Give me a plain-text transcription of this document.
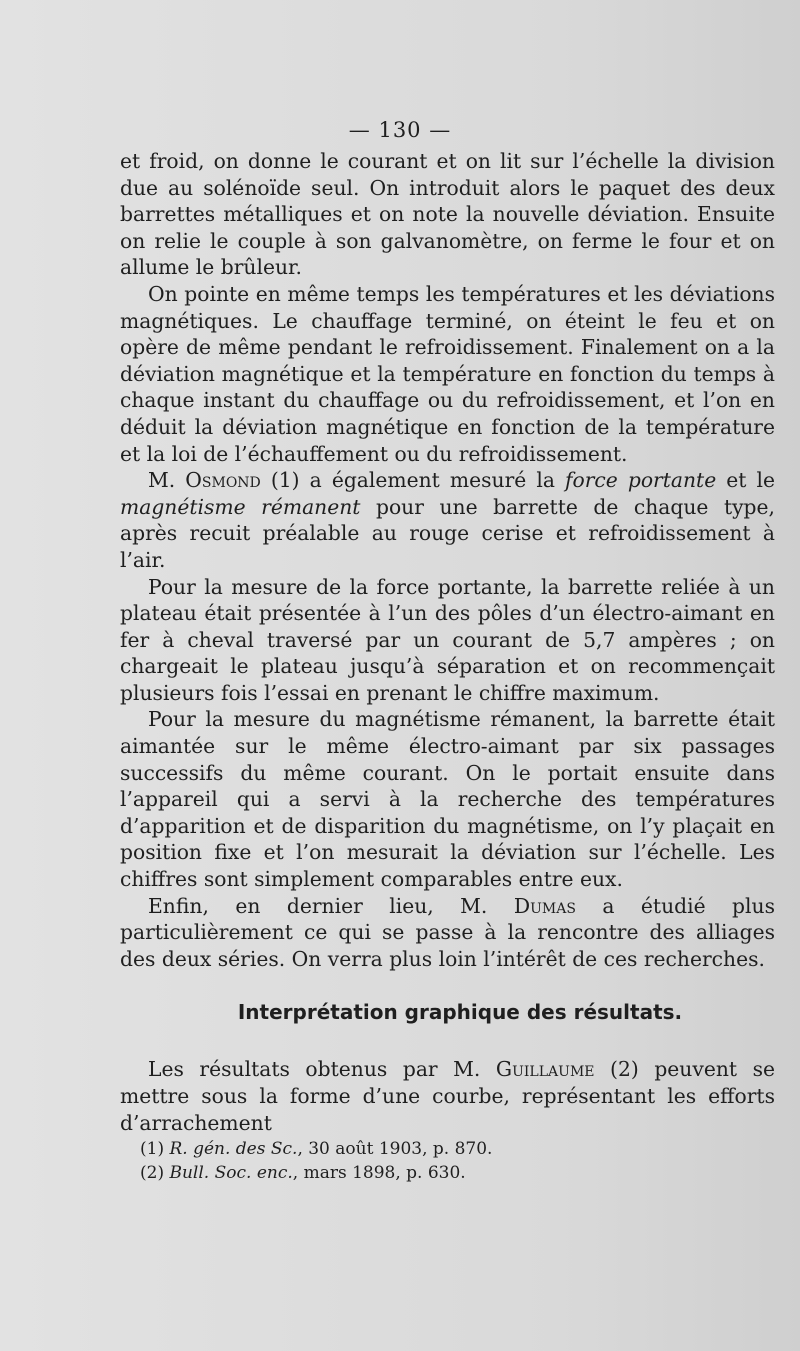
— 130 —

et froid, on donne le courant et on lit sur l’échelle la division due au solénoïde seul. On introduit alors le paquet des deux barrettes métalliques et on note la nouvelle déviation. Ensuite on relie le couple à son galvanomètre, on ferme le four et on allume le brûleur.

On pointe en même temps les températures et les déviations magnétiques. Le chauffage terminé, on éteint le feu et on opère de même pendant le refroidissement. Finalement on a la déviation magnétique et la température en fonction du temps à chaque instant du chauffage ou du refroidissement, et l’on en déduit la déviation magnétique en fonction de la température et la loi de l’échauffement ou du refroidissement.

M. Osmond (1) a également mesuré la force portante et le magnétisme rémanent pour une barrette de chaque type, après recuit préalable au rouge cerise et refroidissement à l’air.

Pour la mesure de la force portante, la barrette reliée à un plateau était présentée à l’un des pôles d’un électro-aimant en fer à cheval traversé par un courant de 5,7 ampères ; on chargeait le plateau jusqu’à séparation et on recommençait plusieurs fois l’essai en prenant le chiffre maximum.

Pour la mesure du magnétisme rémanent, la barrette était aimantée sur le même électro-aimant par six passages successifs du même courant. On le portait ensuite dans l’appareil qui a servi à la recherche des températures d’apparition et de disparition du magnétisme, on l’y plaçait en position fixe et l’on mesurait la déviation sur l’échelle. Les chiffres sont simplement comparables entre eux.

Enfin, en dernier lieu, M. Dumas a étudié plus particulièrement ce qui se passe à la rencontre des alliages des deux séries. On verra plus loin l’intérêt de ces recherches.

Interprétation graphique des résultats.

Les résultats obtenus par M. Guillaume (2) peuvent se mettre sous la forme d’une courbe, représentant les efforts d’arrachement

(1) R. gén. des Sc., 30 août 1903, p. 870.

(2) Bull. Soc. enc., mars 1898, p. 630.
